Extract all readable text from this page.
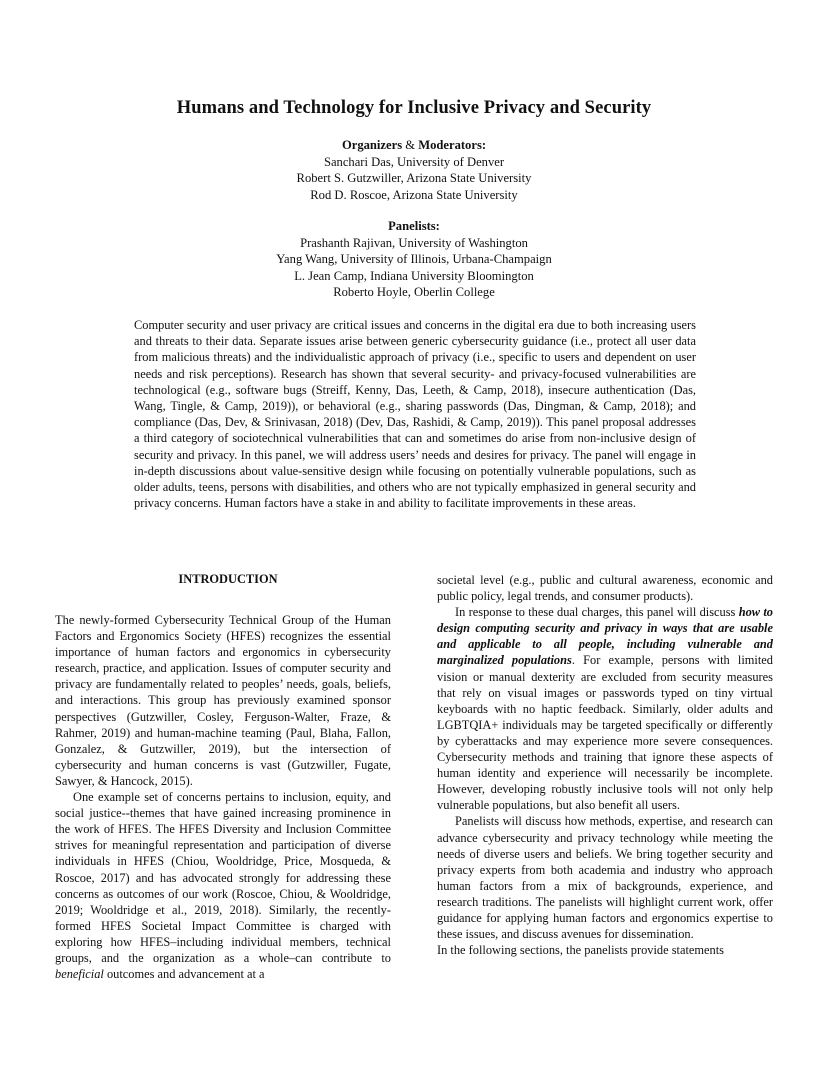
Humans and Technology for Inclusive Privacy and Security
Organizers & Moderators:
Sanchari Das, University of Denver
Robert S. Gutzwiller, Arizona State University
Rod D. Roscoe, Arizona State University
Panelists:
Prashanth Rajivan, University of Washington
Yang Wang, University of Illinois, Urbana-Champaign
L. Jean Camp, Indiana University Bloomington
Roberto Hoyle, Oberlin College
Computer security and user privacy are critical issues and concerns in the digital era due to both increasing users and threats to their data. Separate issues arise between generic cybersecurity guidance (i.e., protect all user data from malicious threats) and the individualistic approach of privacy (i.e., specific to users and dependent on user needs and risk perceptions). Research has shown that several security- and privacy-focused vulnerabilities are technological (e.g., software bugs (Streiff, Kenny, Das, Leeth, & Camp, 2018), insecure authentication (Das, Wang, Tingle, & Camp, 2019)), or behavioral (e.g., sharing passwords (Das, Dingman, & Camp, 2018); and compliance (Das, Dev, & Srinivasan, 2018) (Dev, Das, Rashidi, & Camp, 2019)). This panel proposal addresses a third category of sociotechnical vulnerabilities that can and sometimes do arise from non-inclusive design of security and privacy. In this panel, we will address users’ needs and desires for privacy. The panel will engage in in-depth discussions about value-sensitive design while focusing on potentially vulnerable populations, such as older adults, teens, persons with disabilities, and others who are not typically emphasized in general security and privacy concerns. Human factors have a stake in and ability to facilitate improvements in these areas.
INTRODUCTION

The newly-formed Cybersecurity Technical Group of the Human Factors and Ergonomics Society (HFES) recognizes the essential importance of human factors and ergonomics in cybersecurity research, practice, and application. Issues of computer security and privacy are fundamentally related to peoples’ needs, goals, beliefs, and interactions. This group has previously examined sponsor perspectives (Gutzwiller, Cosley, Ferguson-Walter, Fraze, & Rahmer, 2019) and human-machine teaming (Paul, Blaha, Fallon, Gonzalez, & Gutzwiller, 2019), but the intersection of cybersecurity and human concerns is vast (Gutzwiller, Fugate, Sawyer, & Hancock, 2015).

One example set of concerns pertains to inclusion, equity, and social justice--themes that have gained increasing prominence in the work of HFES. The HFES Diversity and Inclusion Committee strives for meaningful representation and participation of diverse individuals in HFES (Chiou, Wooldridge, Price, Mosqueda, & Roscoe, 2017) and has advocated strongly for addressing these concerns as outcomes of our work (Roscoe, Chiou, & Wooldridge, 2019; Wooldridge et al., 2019, 2018). Similarly, the recently-formed HFES Societal Impact Committee is charged with exploring how HFES–including individual members, technical groups, and the organization as a whole–can contribute to beneficial outcomes and advancement at a

societal level (e.g., public and cultural awareness, economic and public policy, legal trends, and consumer products).

In response to these dual charges, this panel will discuss how to design computing security and privacy in ways that are usable and applicable to all people, including vulnerable and marginalized populations. For example, persons with limited vision or manual dexterity are excluded from security measures that rely on visual images or passwords typed on tiny virtual keyboards with no haptic feedback. Similarly, older adults and LGBTQIA+ individuals may be targeted specifically or differently by cyberattacks and may experience more severe consequences. Cybersecurity methods and training that ignore these aspects of human identity and experience will necessarily be incomplete. However, developing robustly inclusive tools will not only help vulnerable populations, but also benefit all users.

Panelists will discuss how methods, expertise, and research can advance cybersecurity and privacy technology while meeting the needs of diverse users and beliefs. We bring together security and privacy experts from both academia and industry who approach human factors from a mix of backgrounds, experience, and research traditions. The panelists will highlight current work, offer guidance for applying human factors and ergonomics expertise to these issues, and discuss avenues for dissemination.

In the following sections, the panelists provide statements
